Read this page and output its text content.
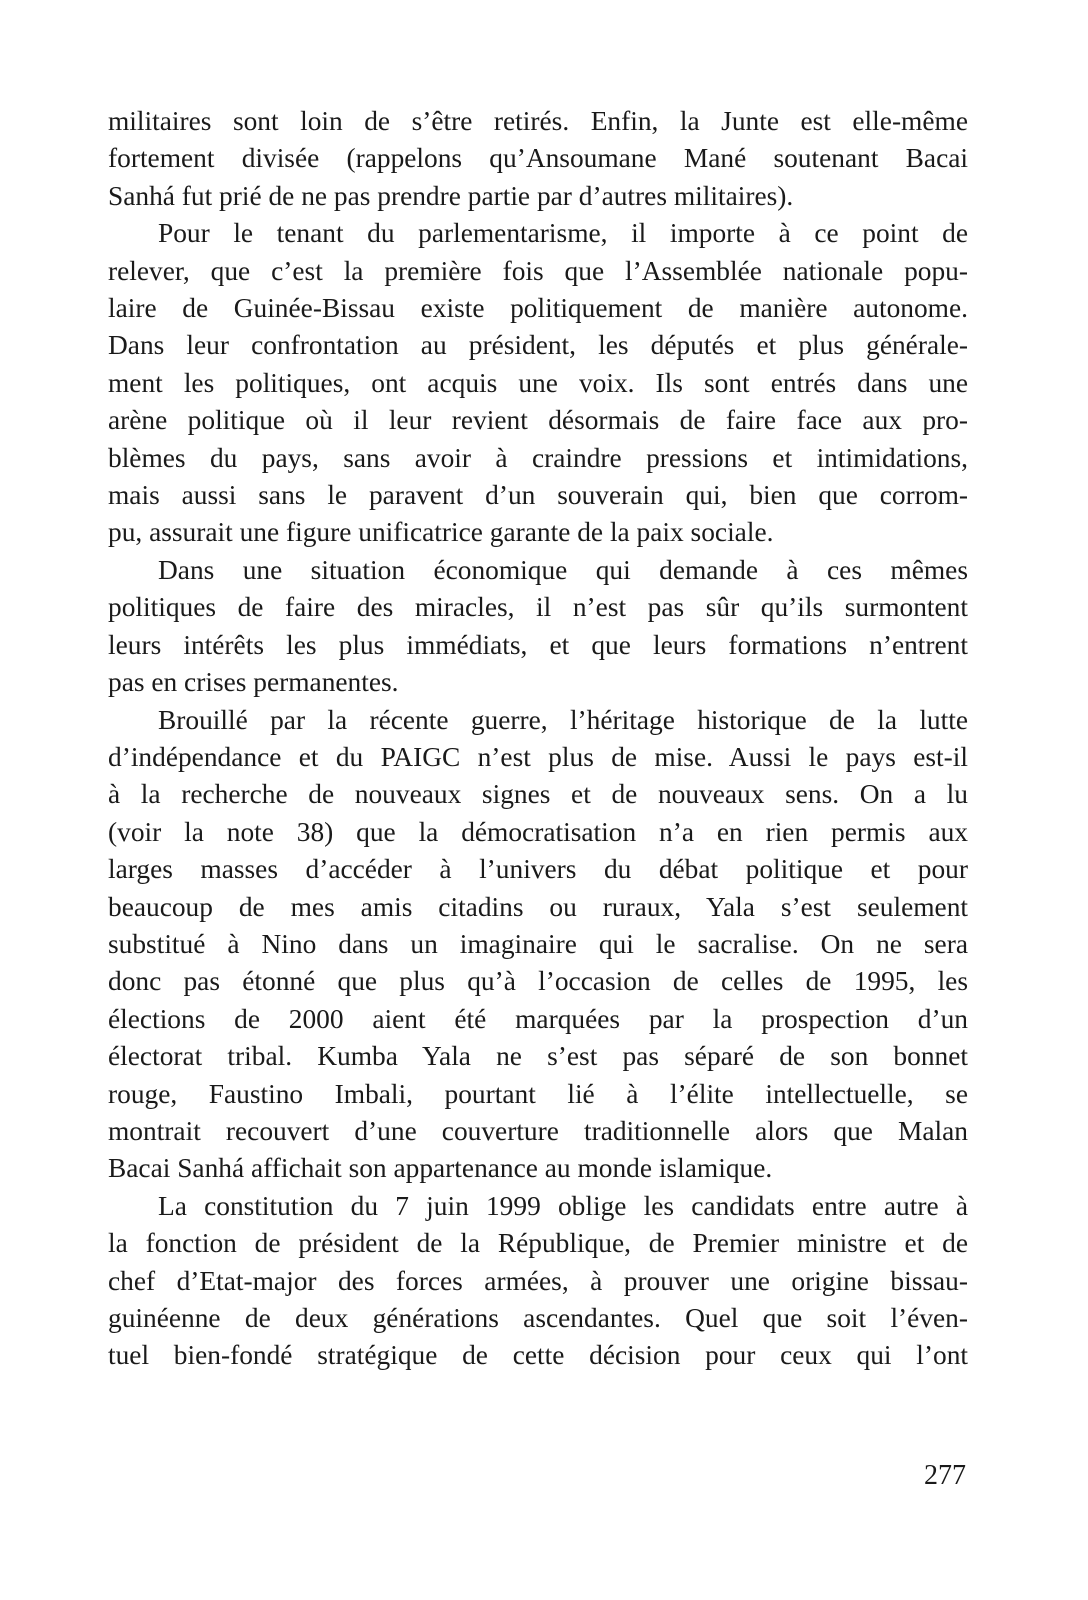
militaires sont loin de s’être retirés. Enfin, la Junte est elle-même
fortement divisée (rappelons qu’Ansoumane Mané soutenant Bacai
Sanhá fut prié de ne pas prendre partie par d’autres militaires).
Pour le tenant du parlementarisme, il importe à ce point de
relever, que c’est la première fois que l’Assemblée nationale popu-
laire de Guinée-Bissau existe politiquement de manière autonome.
Dans leur confrontation au président, les députés et plus générale-
ment les politiques, ont acquis une voix. Ils sont entrés dans une
arène politique où il leur revient désormais de faire face aux pro-
blèmes du pays, sans avoir à craindre pressions et intimidations,
mais aussi sans le paravent d’un souverain qui, bien que corrom-
pu, assurait une figure unificatrice garante de la paix sociale.
Dans une situation économique qui demande à ces mêmes
politiques de faire des miracles, il n’est pas sûr qu’ils surmontent
leurs intérêts les plus immédiats, et que leurs formations n’entrent
pas en crises permanentes.
Brouillé par la récente guerre, l’héritage historique de la lutte
d’indépendance et du PAIGC n’est plus de mise. Aussi le pays est-il
à la recherche de nouveaux signes et de nouveaux sens. On a lu
(voir la note 38) que la démocratisation n’a en rien permis aux
larges masses d’accéder à l’univers du débat politique et pour
beaucoup de mes amis citadins ou ruraux, Yala s’est seulement
substitué à Nino dans un imaginaire qui le sacralise. On ne sera
donc pas étonné que plus qu’à l’occasion de celles de 1995, les
élections de 2000 aient été marquées par la prospection d’un
électorat tribal. Kumba Yala ne s’est pas séparé de son bonnet
rouge, Faustino Imbali, pourtant lié à l’élite intellectuelle, se
montrait recouvert d’une couverture traditionnelle alors que Malan
Bacai Sanhá affichait son appartenance au monde islamique.
La constitution du 7 juin 1999 oblige les candidats entre autre à
la fonction de président de la République, de Premier ministre et de
chef d’Etat-major des forces armées, à prouver une origine bissau-
guinéenne de deux générations ascendantes. Quel que soit l’éven-
tuel bien-fondé stratégique de cette décision pour ceux qui l’ont
277
